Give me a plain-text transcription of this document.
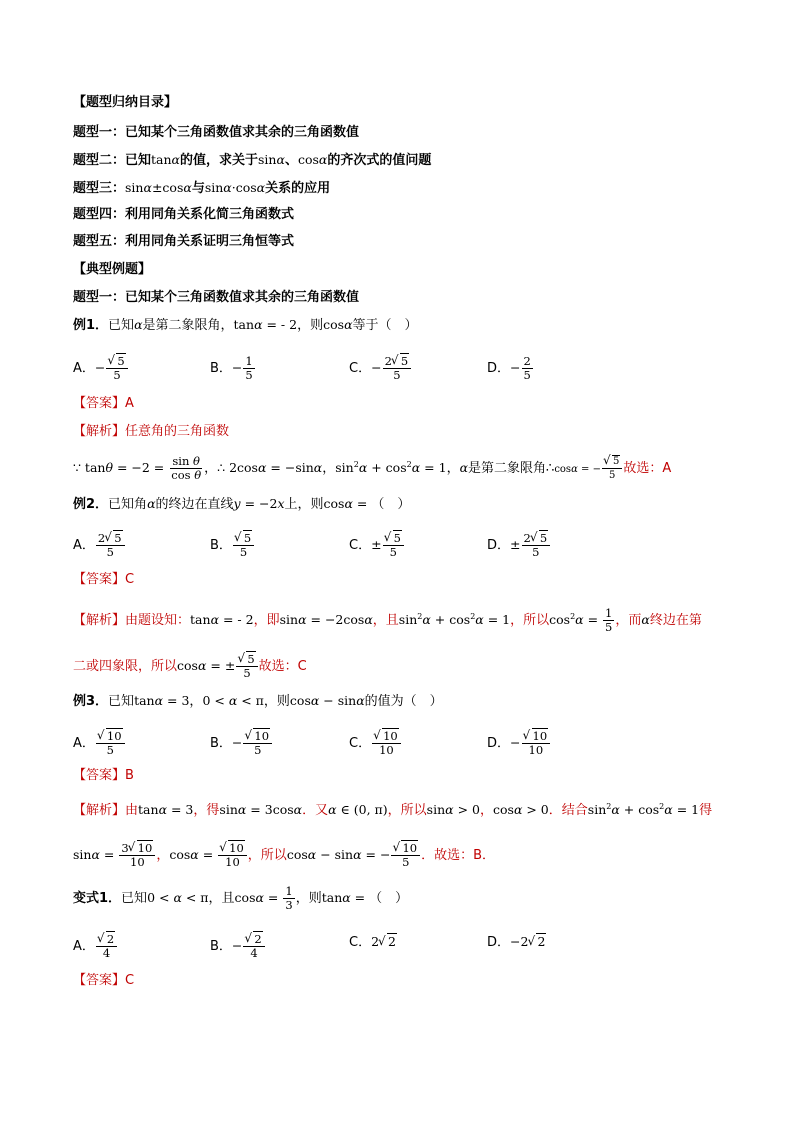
【题型归纳目录】
题型一：已知某个三角函数值求其余的三角函数值
题型二：已知tanα的值，求关于sinα、cosα的齐次式的值问题
题型三：sinα±cosα与sinα·cosα关系的应用
题型四：利用同角关系化简三角函数式
题型五：利用同角关系证明三角恒等式
【典型例题】
题型一：已知某个三角函数值求其余的三角函数值
例1．已知α是第二象限角，tanα = - 2，则cosα等于（　）
A．− √ $\frac{5}{5}$	B．− $\frac{1}{5}$	C．− $\frac{2 √ 5}{5}$	D．− $\frac{2}{5}$
【答案】A
【解析】任意角的三角函数
∵ $\tan\theta = -2 = \frac{\text{sin θ}}{\text{cos θ}}$ ，∴ 2cosα = −sinα，$\sin^2\alpha + \cos^2\alpha = 1$，α是第二象限角∴cosα = − √ $\frac{5}{5}$ 故选：A
例2．已知角α的终边在直线y = −2x上，则cosα = （　）
A． $\frac{2 √ 5}{5}$	B． √ $\frac{5}{5}$	C．± √ $\frac{5}{5}$	D．± $\frac{2 √ 5}{5}$
【答案】C
【解析】由题设知：tanα = - 2，即sinα = −2cosα，且$\sin^2\alpha + \cos^2\alpha = 1$，所以$\cos^2\alpha = \frac{1}{5}$ ，而α终边在第
二或四象限，所以cosα = ± √ $\frac{5}{5}$ 故选：C
例3．已知tanα = 3，0 < α < π，则cosα − sinα的值为（　）
A． √ $\frac{10}{5}$	B．− √ $\frac{10}{5}$	C． √ $\frac{10}{10}$	D．− √ $\frac{10}{10}$
【答案】B
【解析】由tanα = 3，得sinα = 3cosα．又α ∈ (0, π)，所以sinα > 0，cosα > 0．结合$\sin^2\alpha + \cos^2\alpha = 1$得
$\sin\alpha = \frac{3 √ 10}{10}$ ，cosα = √ $\frac{10}{10}$ ，所以cosα − sinα = − √ $\frac{10}{5}$ ．故选：B．
变式1．已知0 < α < π，且$\cos\alpha = \frac{1}{3}$ ，则tanα = （　）
A． √ $\frac{2}{4}$	B．− √ $\frac{2}{4}$	C．2 √ 2	D．−2 √ 2
【答案】C
